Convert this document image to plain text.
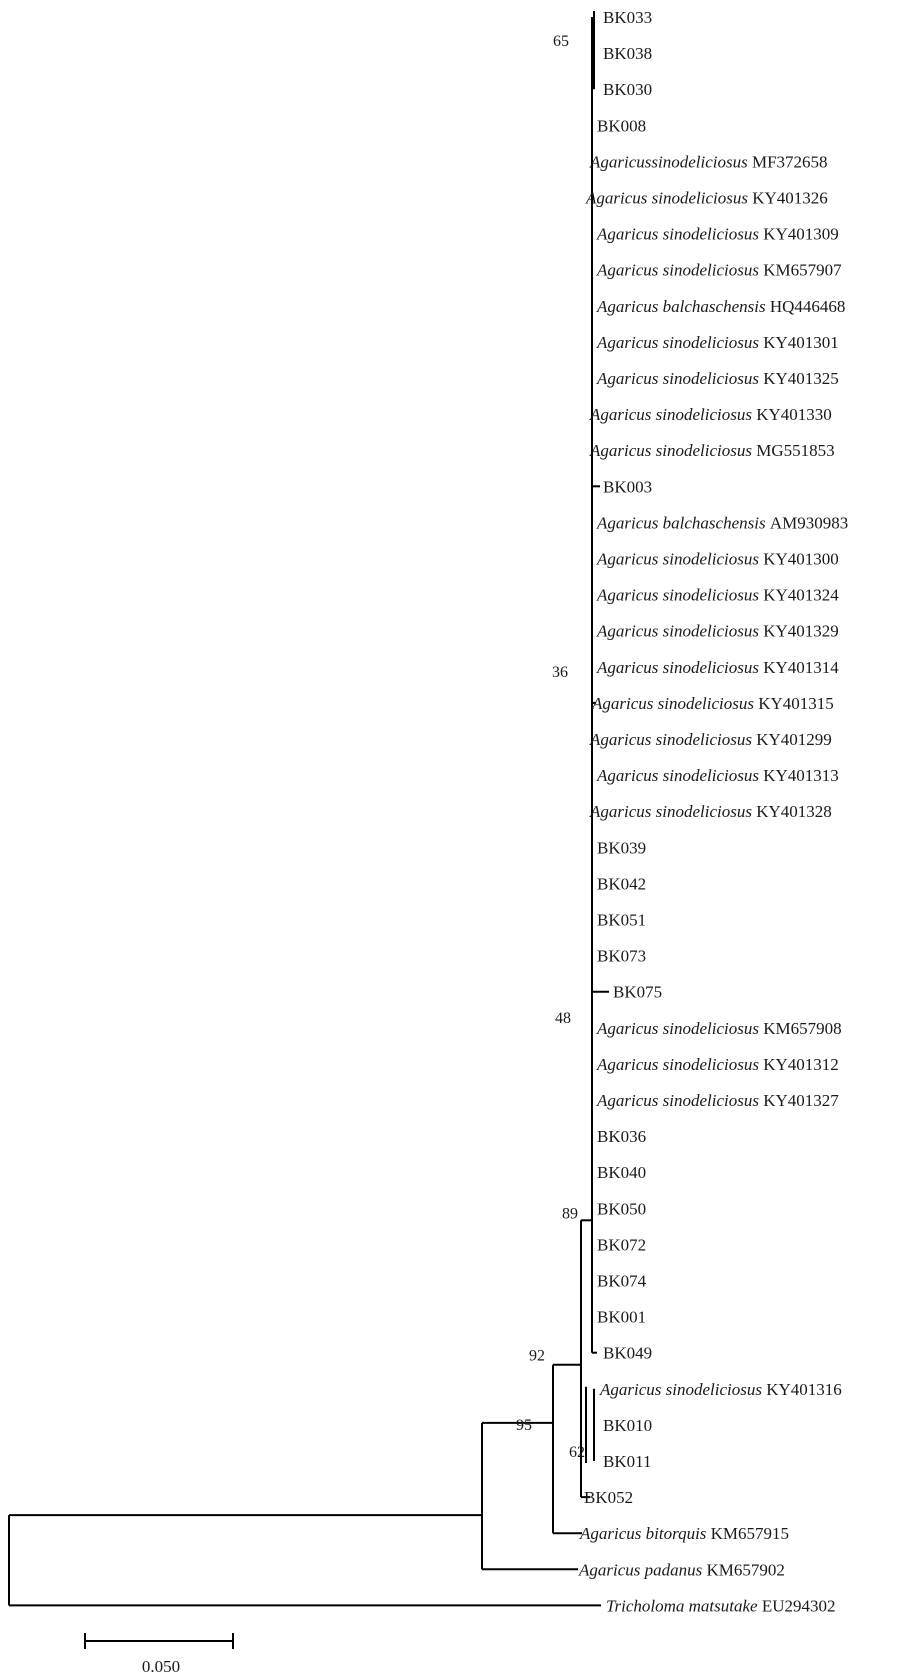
BK033
BK038
BK030
BK008
Agaricussinodeliciosus MF372658
Agaricus sinodeliciosus KY401326
Agaricus sinodeliciosus KY401309
Agaricus sinodeliciosus KM657907
Agaricus balchaschensis HQ446468
Agaricus sinodeliciosus KY401301
Agaricus sinodeliciosus KY401325
Agaricus sinodeliciosus KY401330
Agaricus sinodeliciosus MG551853
BK003
Agaricus balchaschensis AM930983
Agaricus sinodeliciosus KY401300
Agaricus sinodeliciosus KY401324
Agaricus sinodeliciosus KY401329
Agaricus sinodeliciosus KY401314
Agaricus sinodeliciosus KY401315
Agaricus sinodeliciosus KY401299
Agaricus sinodeliciosus KY401313
Agaricus sinodeliciosus KY401328
BK039
BK042
BK051
BK073
BK075
Agaricus sinodeliciosus KM657908
Agaricus sinodeliciosus KY401312
Agaricus sinodeliciosus KY401327
BK036
BK040
BK050
BK072
BK074
BK001
BK049
Agaricus sinodeliciosus KY401316
BK010
BK011
BK052
Agaricus bitorquis KM657915
Agaricus padanus KM657902
Tricholoma matsutake EU294302
65
36
48
89
92
95
62
0.050
